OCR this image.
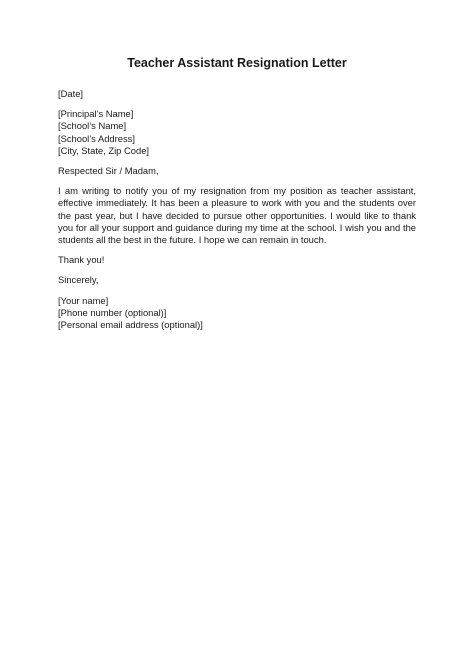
Teacher Assistant Resignation Letter

[Date]

[Principal’s Name]

[School’s Name]

[School’s Address]

[City, State, Zip Code]

Respected Sir / Madam,

I am writing to notify you of my resignation from my position as teacher assistant, effective immediately. It has been a pleasure to work with you and the students over the past year, but I have decided to pursue other opportunities. I would like to thank you for all your support and guidance during my time at the school. I wish you and the students all the best in the future. I hope we can remain in touch.

Thank you!

Sincerely,

[Your name]

[Phone number (optional)]

[Personal email address (optional)]
